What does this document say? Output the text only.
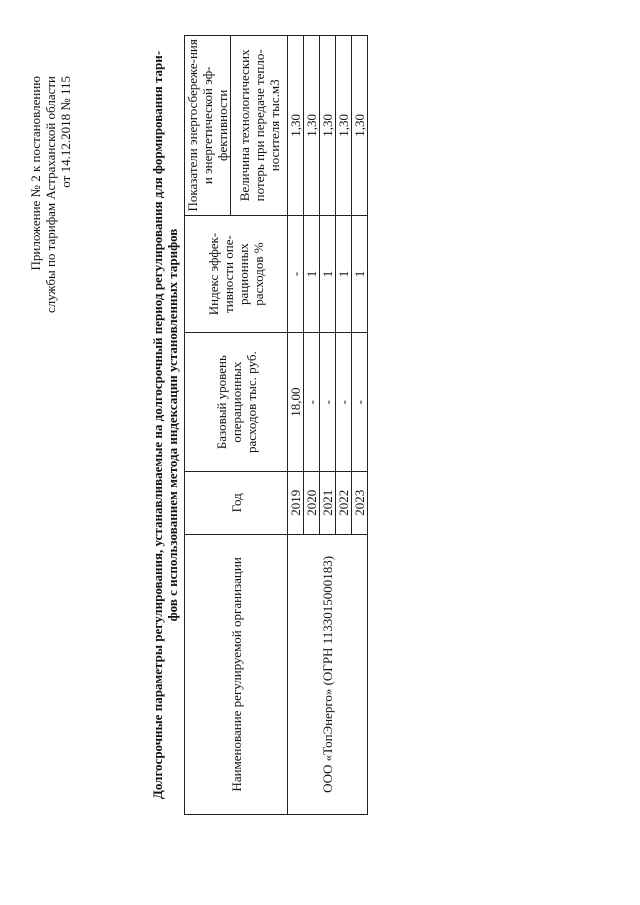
Приложение № 2 к постановлению службы по тарифам Астраханской области от 14.12.2018 № 115	Долгосрочные параметры регулирования, устанавливаемые на долгосрочный период регулирования для формирования тари- фов с использованием метода индексации установленных тарифов
Наименование регулируемой организации	Год	Базовый уровень операционных расходов тыс. руб.	Индекс эффек-тивности опе-рационных расходов %	Показатели энергосбереже-ния и энергетической эф-фективности
				Величина технологических потерь при передаче тепло-носителя тыс.м3
ООО «ТопЭнерго» (ОГРН 1133015000183)	2019	18,00	-	1,30
	2020	-	1	1,30
	2021	-	1	1,30
	2022	-	1	1,30
	2023	-	1	1,30
